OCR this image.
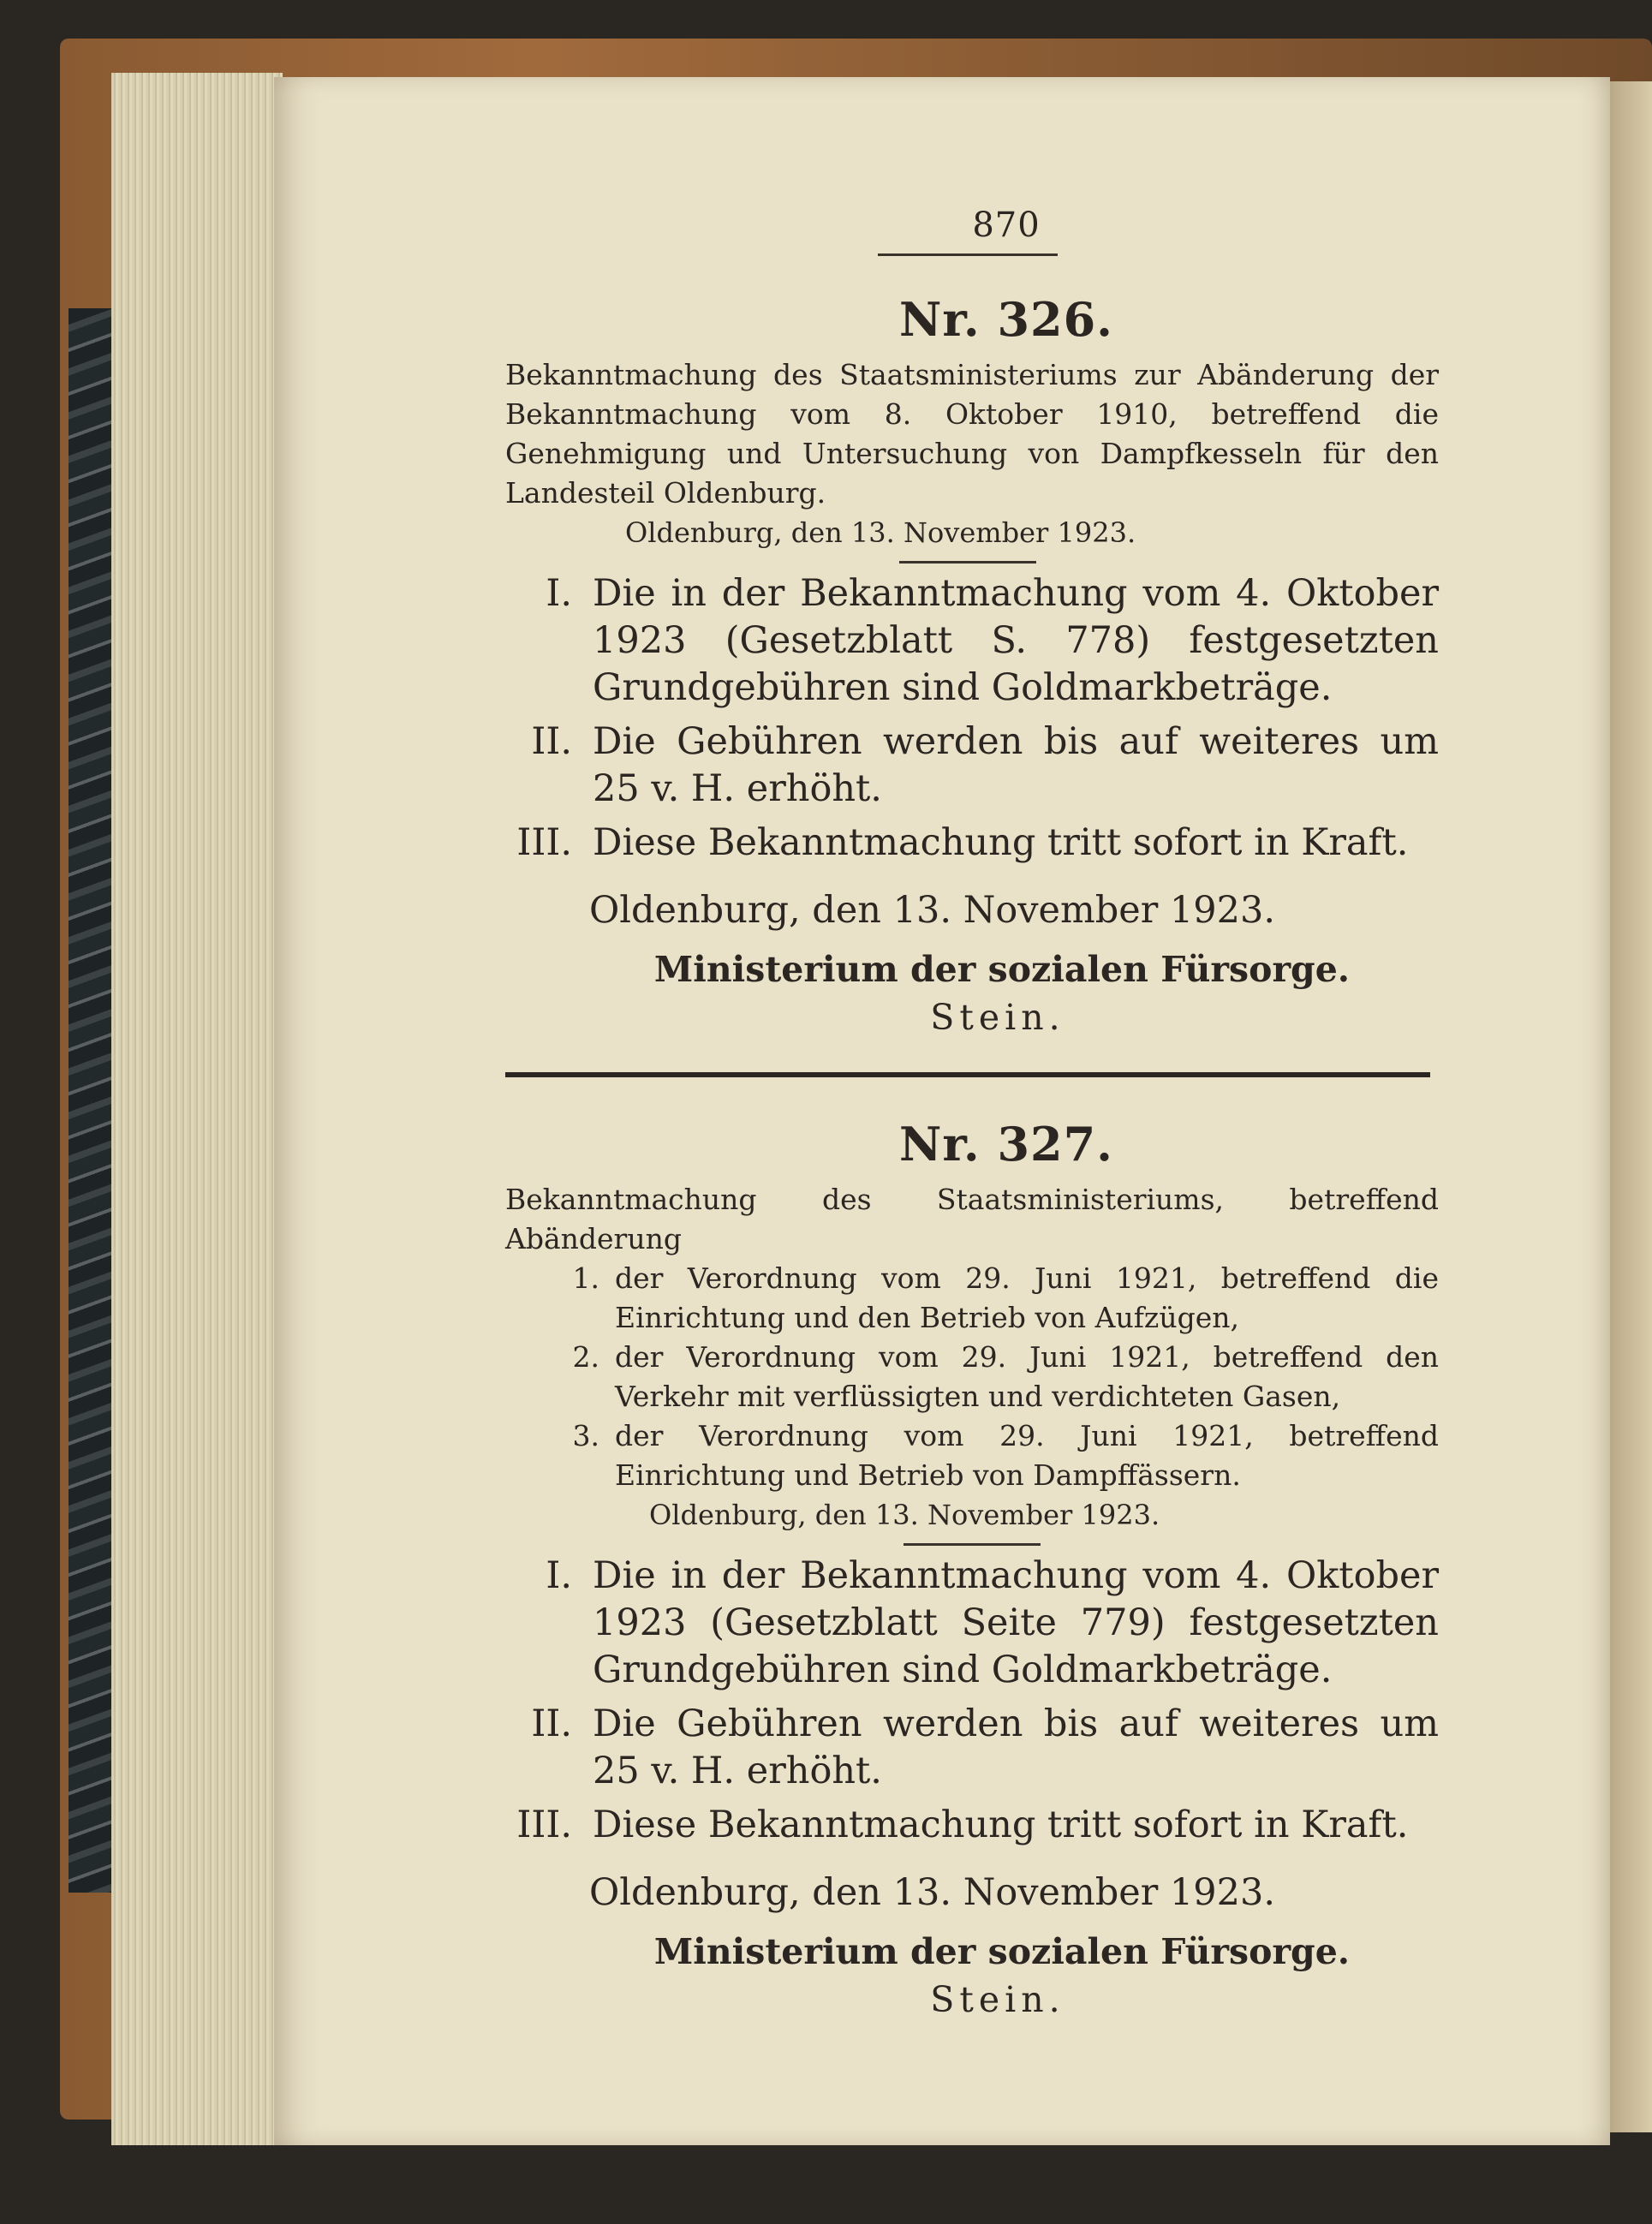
870
Nr. 326.
Bekanntmachung des Staatsministeriums zur Abänderung der Bekanntmachung vom 8. Oktober 1910, betreffend die Genehmigung und Untersuchung von Dampfkesseln für den Landesteil Oldenburg.
Oldenburg, den 13. November 1923.
I. Die in der Bekanntmachung vom 4. Oktober 1923 (Gesetzblatt S. 778) festgesetzten Grundgebühren sind Goldmarkbeträge.
II. Die Gebühren werden bis auf weiteres um 25 v. H. erhöht.
III. Diese Bekanntmachung tritt sofort in Kraft.
Oldenburg, den 13. November 1923.
Ministerium der sozialen Fürsorge.
Stein.
Nr. 327.
Bekanntmachung des Staatsministeriums, betreffend Abänderung
1. der Verordnung vom 29. Juni 1921, betreffend die Einrichtung und den Betrieb von Aufzügen,
2. der Verordnung vom 29. Juni 1921, betreffend den Verkehr mit verflüssigten und verdichteten Gasen,
3. der Verordnung vom 29. Juni 1921, betreffend Einrichtung und Betrieb von Dampffässern.
Oldenburg, den 13. November 1923.
I. Die in der Bekanntmachung vom 4. Oktober 1923 (Gesetzblatt Seite 779) festgesetzten Grundgebühren sind Goldmarkbeträge.
II. Die Gebühren werden bis auf weiteres um 25 v. H. erhöht.
III. Diese Bekanntmachung tritt sofort in Kraft.
Oldenburg, den 13. November 1923.
Ministerium der sozialen Fürsorge.
Stein.
